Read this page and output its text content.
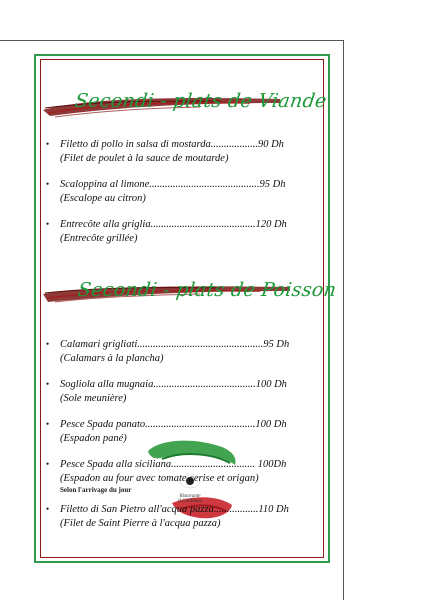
Secondi - plats de Viande
• Filetto di pollo in salsa di mostarda..................90 Dh
(Filet de poulet à la sauce de moutarde)
• Scaloppina al limone..........................................95 Dh
(Escalope au citron)
• Entrecôte alla griglia........................................120 Dh
(Entrecôte grillée)
Secondi - plats de Poisson
• Calamari grigliati................................................95 Dh
(Calamars à la plancha)
• Sogliola alla mugnaia.......................................100 Dh
(Sole meunière)
• Pesce Spada panato..........................................100 Dh
(Espadon pané)
Ristorante
Il Gabbiano
• Pesce Spada alla siciliana................................ 100Dh
(Espadon au four avec tomate cerise et origan)
Selon l'arrivage du jour
• Filetto di San Pietro all'acqua pazza.................110 Dh
(Filet de Saint Pierre à l'acqua pazza)
